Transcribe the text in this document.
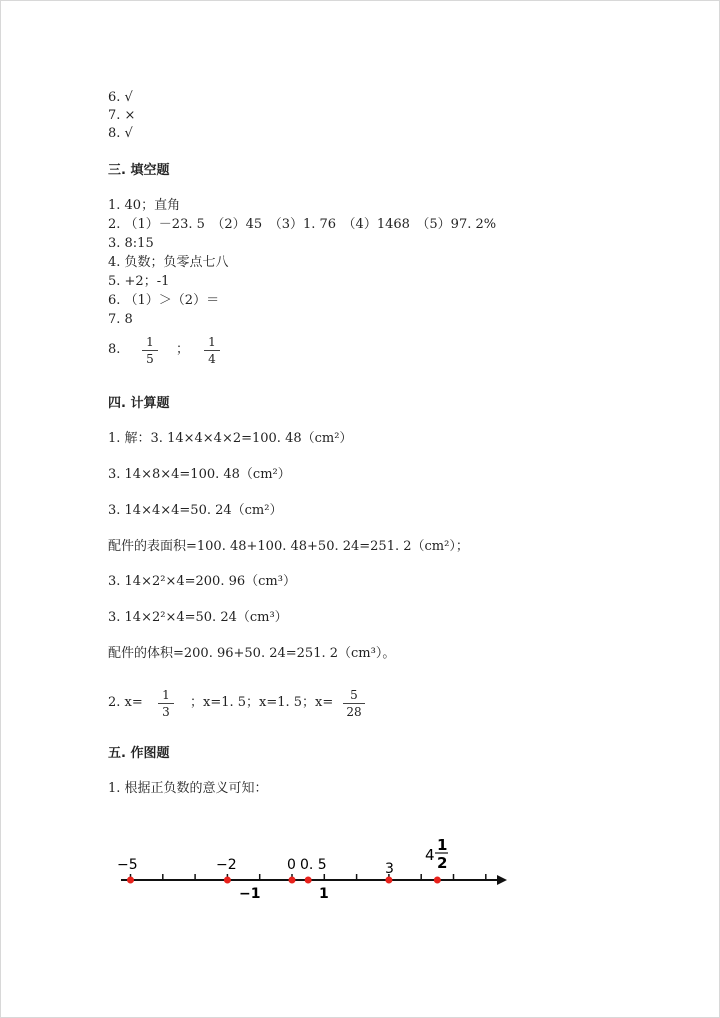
6. √
7. ×
8. √
三. 填空题
1. 40；直角
2. （1）－23. 5　（2）45　（3）1. 76　（4）1468　（5）97. 2%
3. 8:15
4. 负数；负零点七八
5. +2；-1
6. （1）＞（2）＝
7. 8
8.	1
5
；	1
4
四. 计算题
1. 解：3. 14×4×4×2=100. 48（cm²）
3. 14×8×4=100. 48（cm²）
3. 14×4×4=50. 24（cm²）
配件的表面积=100. 48+100. 48+50. 24=251. 2（cm²）；
3. 14×2²×4=200. 96（cm³）
3. 14×2²×4=50. 24（cm³）
配件的体积=200. 96+50. 24=251. 2（cm³）。
2. x=	1
3
；x=1. 5；x=1. 5；x=	5
28
五. 作图题
1. 根据正负数的意义可知：
−5	−2	0 0. 5	3
4
1
2
−1	1
